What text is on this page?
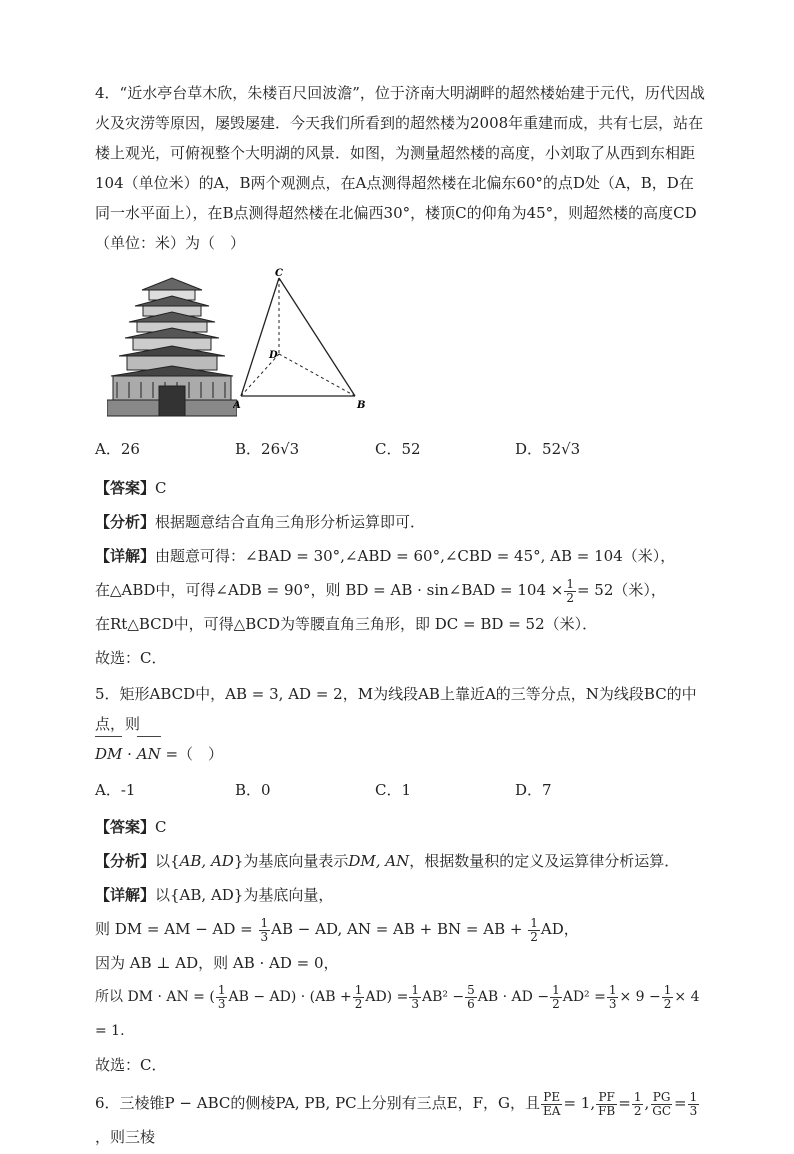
4．“近水亭台草木欣，朱楼百尺回波澹”，位于济南大明湖畔的超然楼始建于元代，历代因战火及灾涝等原因，屡毁屡建．今天我们所看到的超然楼为2008年重建而成，共有七层，站在楼上观光，可俯视整个大明湖的风景．如图，为测量超然楼的高度，小刘取了从西到东相距104（单位米）的A，B两个观测点，在A点测得超然楼在北偏东60°的点D处（A，B，D在同一水平面上），在B点测得超然楼在北偏西30°，楼顶C的仰角为45°，则超然楼的高度CD（单位：米）为（　）

C
D
A	B
A．26	B．26√3	C．52	D．52√3

【答案】C

【分析】根据题意结合直角三角形分析运算即可．

【详解】由题意可得：∠BAD = 30°,∠ABD = 60°,∠CBD = 45°, AB = 104（米），

在△ABD中，可得∠ADB = 90°，则 BD = AB · sin∠BAD = $104 \times \frac{1}{2} = 52$（米），

在Rt△BCD中，可得△BCD为等腰直角三角形，即 DC = BD = 52（米）．

故选：C．

5．矩形ABCD中，AB = 3, AD = 2，M为线段AB上靠近A的三等分点，N为线段BC的中点，则
DM · AN =（　）

A．-1	B．0	C．1	D．7

【答案】C

【分析】以{AB, AD}为基底向量表示DM, AN，根据数量积的定义及运算律分析运算．

【详解】以{AB, AD}为基底向量，

则 DM = AM − AD = $\frac{1}{3}$ AB − AD, AN = AB + BN = AB + $\frac{1}{2}$ AD，

因为 AB ⊥ AD，则 AB · AD = 0，

所以 DM · AN = ( $\frac{1}{3}$ AB − $AD) \cdot (AB + \frac{1}{2} AD) = \frac{1}{3} AB^2 - \frac{5}{6}$ AB · AD − $\frac{1}{2} AD^2 = \frac{1}{3} \times 9 - \frac{1}{2} \times 4 = 1$.

故选：C．

6．三棱锥P − ABC的侧棱PA, PB, PC上分别有三点E，F，G，且 $\frac{PE}{EA} = 1$, $\frac{PF}{FB} = \frac{1}{2}$ , $\frac{PG}{GC} = \frac{1}{3}$
，则三棱
